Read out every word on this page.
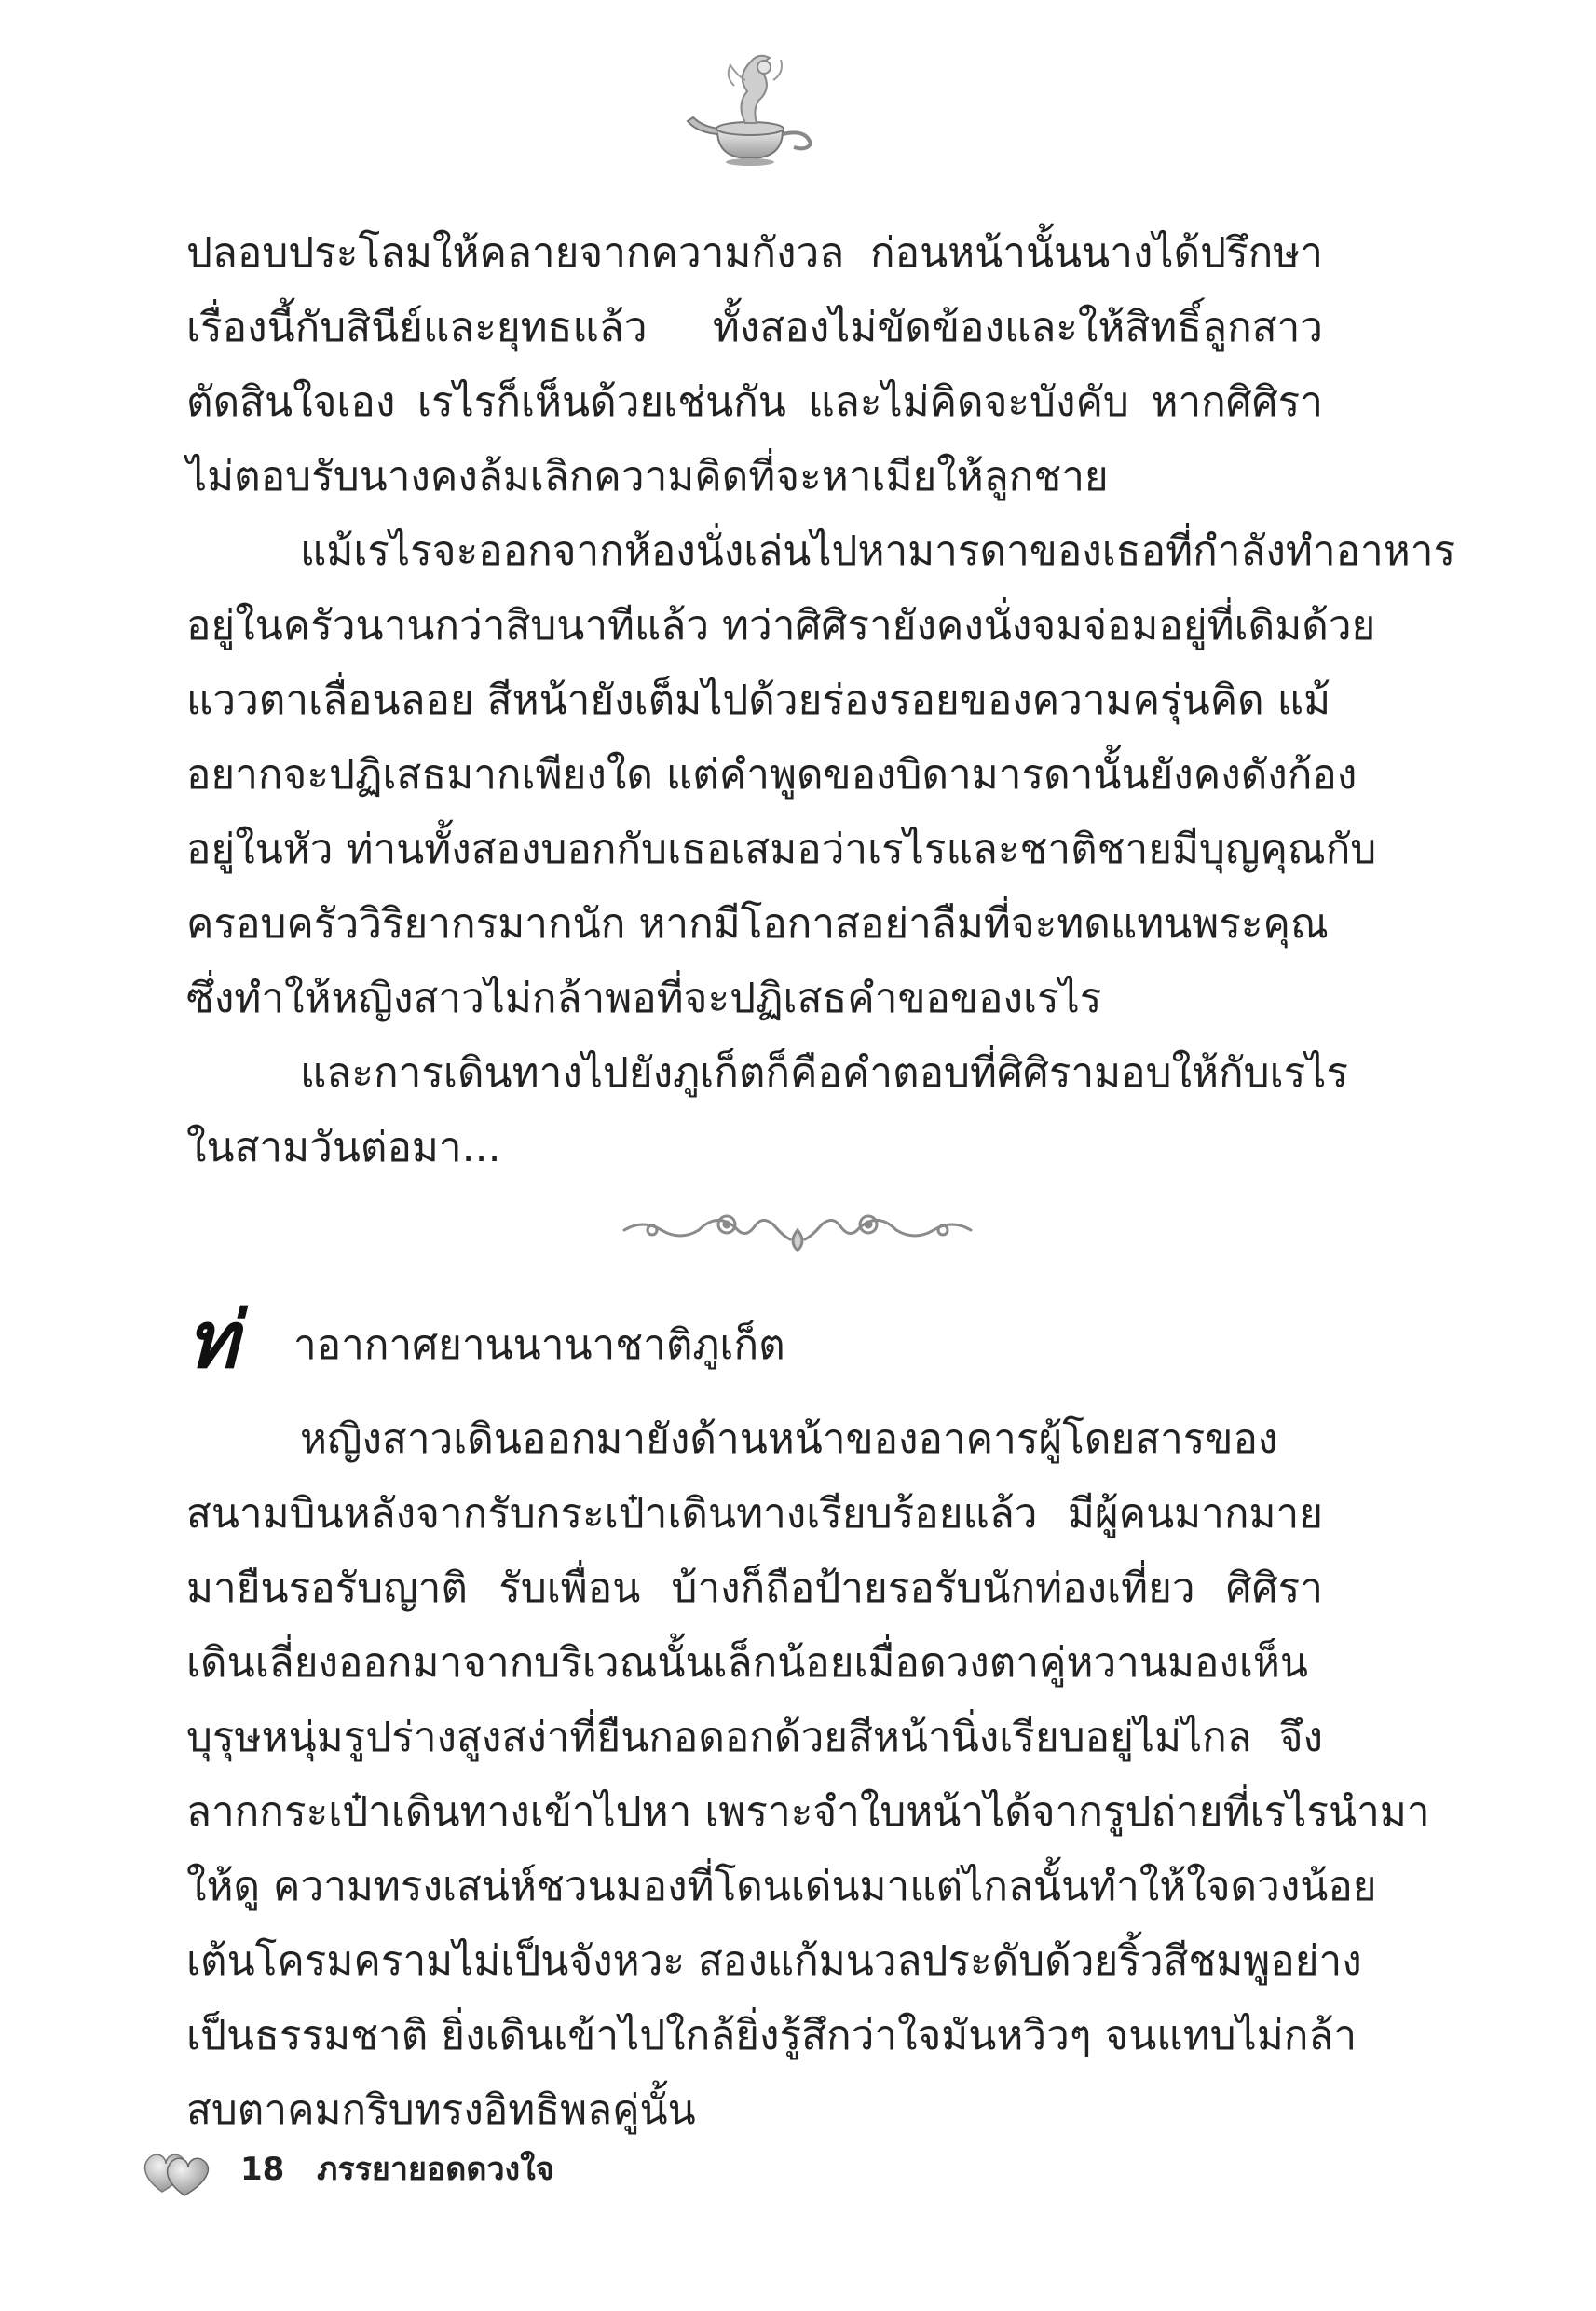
ปลอบประโลมให้คลายจากความกังวล ก่อนหน้านั้นนางได้ปรึกษา
เรื่องนี้กับสินีย์และยุทธแล้ว ทั้งสองไม่ขัดข้องและให้สิทธิ์ลูกสาว
ตัดสินใจเอง เรไรก็เห็นด้วยเช่นกัน และไม่คิดจะบังคับ หากศิศิรา
ไม่ตอบรับนางคงล้มเลิกความคิดที่จะหาเมียให้ลูกชาย
แม้เรไรจะออกจากห้องนั่งเล่นไปหามารดาของเธอที่กำลังทำอาหาร
อยู่ในครัวนานกว่าสิบนาทีแล้ว ทว่าศิศิรายังคงนั่งจมจ่อมอยู่ที่เดิมด้วย
แววตาเลื่อนลอย สีหน้ายังเต็มไปด้วยร่องรอยของความครุ่นคิด แม้
อยากจะปฏิเสธมากเพียงใด แต่คำพูดของบิดามารดานั้นยังคงดังก้อง
อยู่ในหัว ท่านทั้งสองบอกกับเธอเสมอว่าเรไรและชาติชายมีบุญคุณกับ
ครอบครัววิริยากรมากนัก หากมีโอกาสอย่าลืมที่จะทดแทนพระคุณ
ซึ่งทำให้หญิงสาวไม่กล้าพอที่จะปฏิเสธคำขอของเรไร
และการเดินทางไปยังภูเก็ตก็คือคำตอบที่ศิศิรามอบให้กับเรไร
ในสามวันต่อมา...
ท่ าอากาศยานนานาชาติภูเก็ต
หญิงสาวเดินออกมายังด้านหน้าของอาคารผู้โดยสารของ
สนามบินหลังจากรับกระเป๋าเดินทางเรียบร้อยแล้ว มีผู้คนมากมาย
มายืนรอรับญาติ รับเพื่อน บ้างก็ถือป้ายรอรับนักท่องเที่ยว ศิศิรา
เดินเลี่ยงออกมาจากบริเวณนั้นเล็กน้อยเมื่อดวงตาคู่หวานมองเห็น
บุรุษหนุ่มรูปร่างสูงสง่าที่ยืนกอดอกด้วยสีหน้านิ่งเรียบอยู่ไม่ไกล จึง
ลากกระเป๋าเดินทางเข้าไปหา เพราะจำใบหน้าได้จากรูปถ่ายที่เรไรนำมา
ให้ดู ความทรงเสน่ห์ชวนมองที่โดนเด่นมาแต่ไกลนั้นทำให้ใจดวงน้อย
เต้นโครมครามไม่เป็นจังหวะ สองแก้มนวลประดับด้วยริ้วสีชมพูอย่าง
เป็นธรรมชาติ ยิ่งเดินเข้าไปใกล้ยิ่งรู้สึกว่าใจมันหวิวๆ จนแทบไม่กล้า
สบตาคมกริบทรงอิทธิพลคู่นั้น
18 ภรรยายอดดวงใจ
